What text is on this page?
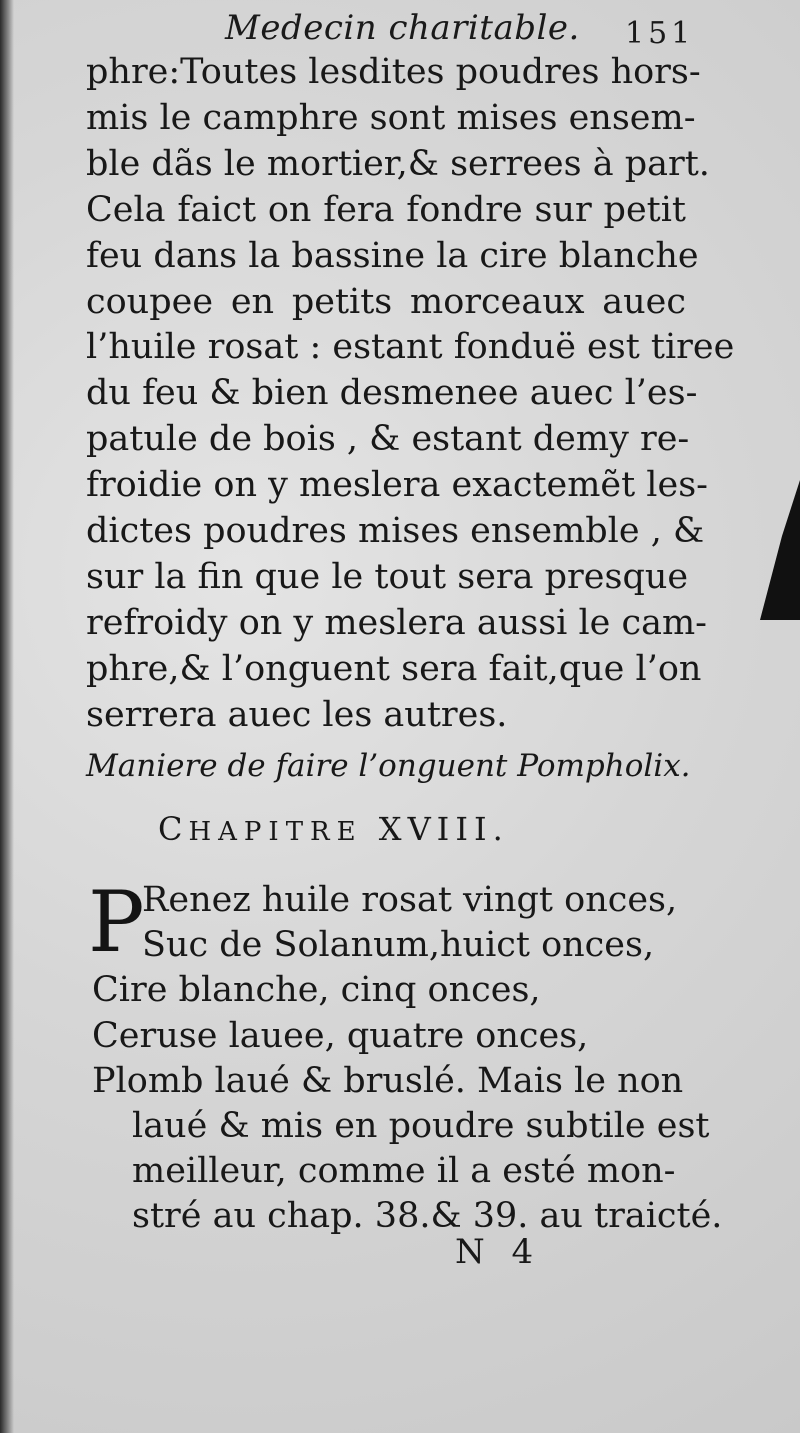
Medecin charitable. 151
phre:Toutes lesdites poudres hors-
mis le camphre sont mises ensem-
ble dãs le mortier,& serrees à part.
Cela faict on fera fondre sur petit
feu dans la bassine la cire blanche
coupee en petits morceaux auec
l’huile rosat : estant fonduë est tiree
du feu & bien desmenee auec l’es-
patule de bois , & estant demy re-
froidie on y meslera exactemẽt les-
dictes poudres mises ensemble , &
sur la fin que le tout sera presque
refroidy on y meslera aussi le cam-
phre,& l’onguent sera fait,que l’on
serrera auec les autres.
Maniere de faire l’onguent Pompholix.
CHAPITRE XVIII.
P
Renez huile rosat vingt onces,
Suc de Solanum,huict onces,
Cire blanche, cinq onces,
Ceruse lauee, quatre onces,
Plomb laué & bruslé. Mais le non
laué & mis en poudre subtile est
meilleur, comme il a esté mon-
stré au chap. 38.& 39. au traicté.
N 4
